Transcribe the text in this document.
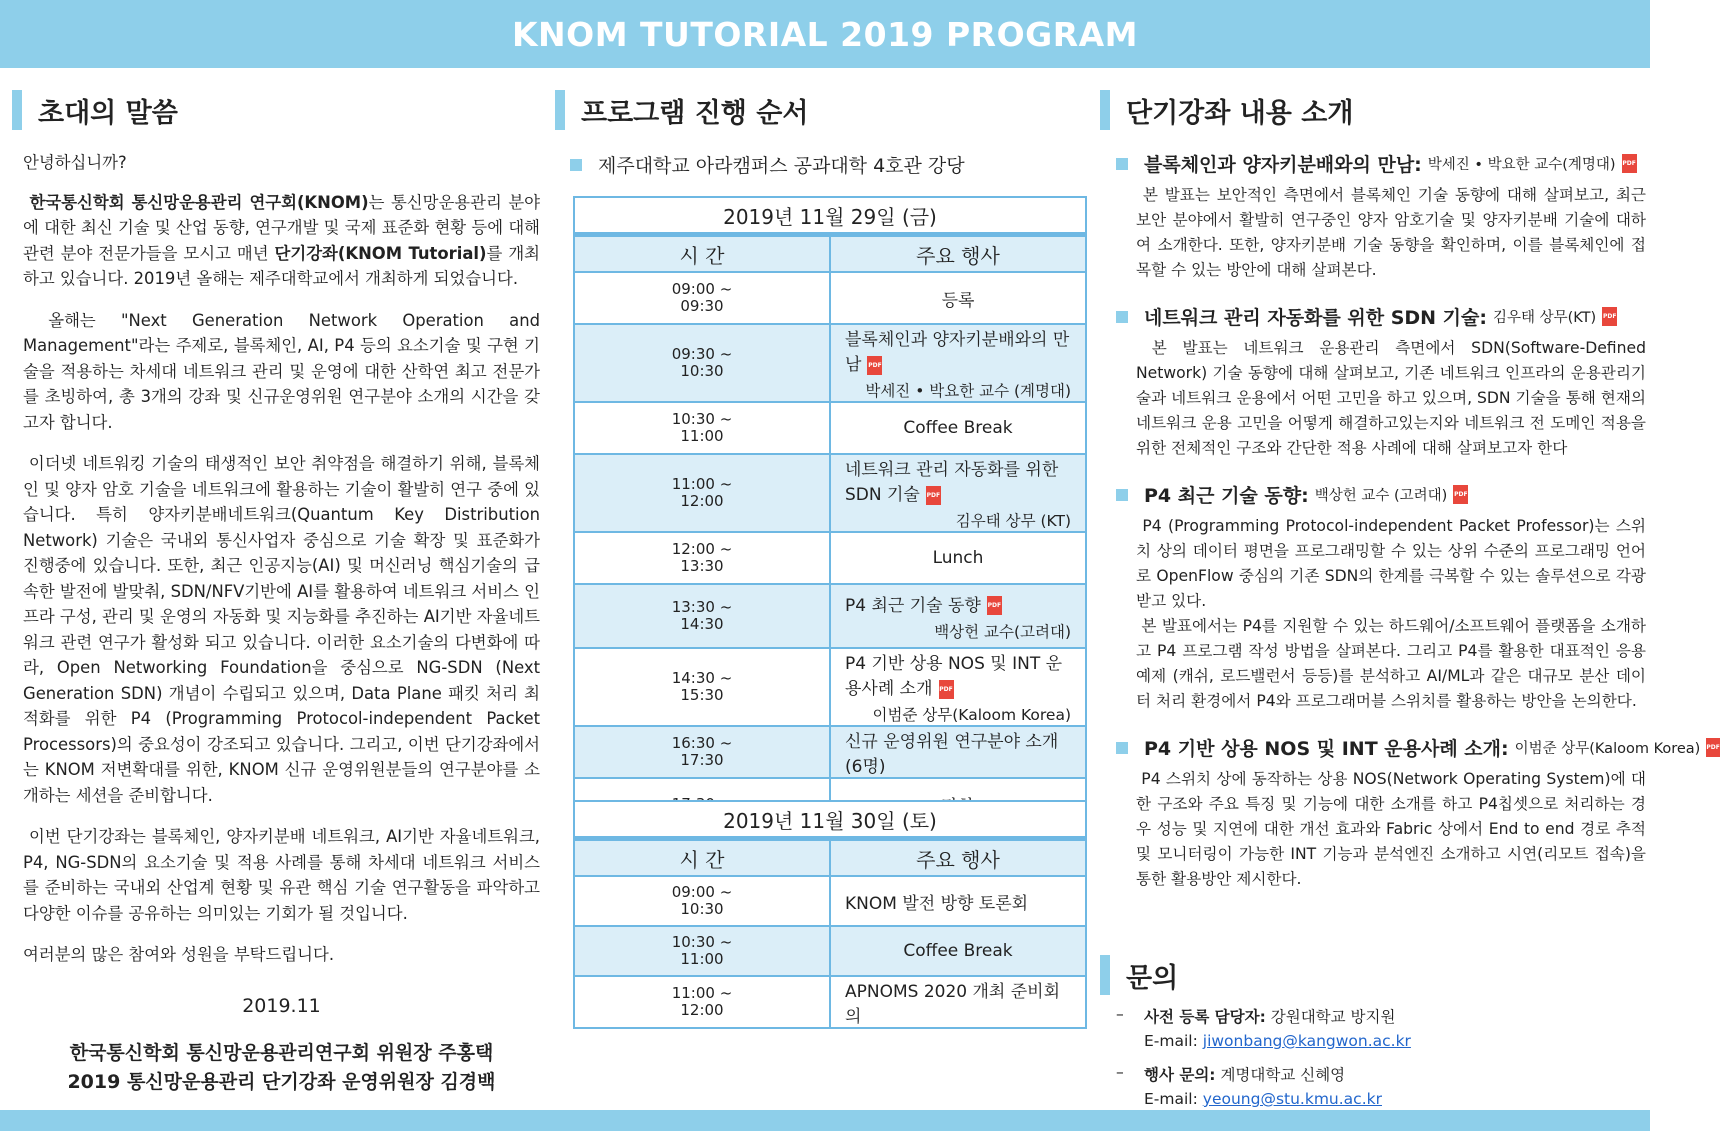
KNOM TUTORIAL 2019 PROGRAM
초대의 말씀

안녕하십니까?

한국통신학회 통신망운용관리 연구회(KNOM)는 통신망운용관리 분야에 대한 최신 기술 및 산업 동향, 연구개발 및 국제 표준화 현황 등에 대해 관련 분야 전문가들을 모시고 매년 단기강좌(KNOM Tutorial)를 개최하고 있습니다. 2019년 올해는 제주대학교에서 개최하게 되었습니다.

올해는 "Next Generation Network Operation and Management"라는 주제로, 블록체인, AI, P4 등의 요소기술 및 구현 기술을 적용하는 차세대 네트워크 관리 및 운영에 대한 산학연 최고 전문가를 초빙하여, 총 3개의 강좌 및 신규운영위원 연구분야 소개의 시간을 갖고자 합니다.

이더넷 네트워킹 기술의 태생적인 보안 취약점을 해결하기 위해, 블록체인 및 양자 암호 기술을 네트워크에 활용하는 기술이 활발히 연구 중에 있습니다. 특히 양자키분배네트워크(Quantum Key Distribution Network) 기술은 국내외 통신사업자 중심으로 기술 확장 및 표준화가 진행중에 있습니다. 또한, 최근 인공지능(AI) 및 머신러닝 핵심기술의 급속한 발전에 발맞춰, SDN/NFV기반에 AI를 활용하여 네트워크 서비스 인프라 구성, 관리 및 운영의 자동화 및 지능화를 추진하는 AI기반 자율네트워크 관련 연구가 활성화 되고 있습니다. 이러한 요소기술의 다변화에 따라, Open Networking Foundation을 중심으로 NG-SDN (Next Generation SDN) 개념이 수립되고 있으며, Data Plane 패킷 처리 최적화를 위한 P4 (Programming Protocol-independent Packet Processors)의 중요성이 강조되고 있습니다. 그리고, 이번 단기강좌에서는 KNOM 저변확대를 위한, KNOM 신규 운영위원분들의 연구분야를 소개하는 세션을 준비합니다.

이번 단기강좌는 블록체인, 양자키분배 네트워크, AI기반 자율네트워크, P4, NG-SDN의 요소기술 및 적용 사례를 통해 차세대 네트워크 서비스를 준비하는 국내외 산업계 현황 및 유관 핵심 기술 연구활동을 파악하고 다양한 이슈를 공유하는 의미있는 기회가 될 것입니다.

여러분의 많은 참여와 성원을 부탁드립니다.

2019.11
한국통신학회 통신망운용관리연구회 위원장 주홍택
2019 통신망운용관리 단기강좌 운영위원장 김경백
프로그램 진행 순서
제주대학교 아라캠퍼스 공과대학 4호관 강당
2019년 11월 29일 (금)	
시 간	주요 행사
09:00 ~
09:30	등록
09:30 ~
10:30	블록체인과 양자키분배와의 만남 PDF
박세진 • 박요한 교수 (계명대)

10:30 ~
11:00	Coffee Break
11:00 ~
12:00	네트워크 관리 자동화를 위한 SDN 기술 PDF
김우태 상무 (KT)

12:00 ~
13:30	Lunch
13:30 ~
14:30	P4 최근 기술 동향 PDF
백상헌 교수(고려대)

14:30 ~
15:30	P4 기반 상용 NOS 및 INT 운용사례 소개 PDF
이범준 상무(Kaloom Korea)

16:30 ~
17:30	신규 운영위원 연구분야 소개 (6명)

2019년 11월 30일 (토)	
시 간	주요 행사
09:00 ~
10:30	KNOM 발전 방향 토론회
10:30 ~
11:00	Coffee Break
11:00 ~
12:00	APNOMS 2020 개최 준비회의
단기강좌 내용 소개
블록체인과 양자키분배와의 만남: 박세진 • 박요한 교수(계명대) PDF
본 발표는 보안적인 측면에서 블록체인 기술 동향에 대해 살펴보고, 최근 보안 분야에서 활발히 연구중인 양자 암호기술 및 양자키분배 기술에 대하여 소개한다. 또한, 양자키분배 기술 동향을 확인하며, 이를 블록체인에 접목할 수 있는 방안에 대해 살펴본다.
네트워크 관리 자동화를 위한 SDN 기술: 김우태 상무(KT) PDF
본 발표는 네트워크 운용관리 측면에서 SDN(Software-Defined Network) 기술 동향에 대해 살펴보고, 기존 네트워크 인프라의 운용관리기술과 네트워크 운용에서 어떤 고민을 하고 있으며, SDN 기술을 통해 현재의 네트워크 운용 고민을 어떻게 해결하고있는지와 네트워크 전 도메인 적용을 위한 전체적인 구조와 간단한 적용 사례에 대해 살펴보고자 한다
P4 최근 기술 동향: 백상헌 교수 (고려대) PDF
P4 (Programming Protocol-independent Packet Professor)는 스위치 상의 데이터 평면을 프로그래밍할 수 있는 상위 수준의 프로그래밍 언어로 OpenFlow 중심의 기존 SDN의 한계를 극복할 수 있는 솔루션으로 각광받고 있다.
본 발표에서는 P4를 지원할 수 있는 하드웨어/소프트웨어 플랫폼을 소개하고 P4 프로그램 작성 방법을 살펴본다. 그리고 P4를 활용한 대표적인 응용 예제 (캐쉬, 로드밸런서 등등)를 분석하고 AI/ML과 같은 대규모 분산 데이터 처리 환경에서 P4와 프로그래머블 스위치를 활용하는 방안을 논의한다.
P4 기반 상용 NOS 및 INT 운용사례 소개: 이범준 상무(Kaloom Korea) PDF
P4 스위치 상에 동작하는 상용 NOS(Network Operating System)에 대한 구조와 주요 특징 및 기능에 대한 소개를 하고 P4칩셋으로 처리하는 경우 성능 및 지연에 대한 개선 효과와 Fabric 상에서 End to end 경로 추적 및 모니터링이 가능한 INT 기능과 분석엔진 소개하고 시연(리모트 접속)을 통한 활용방안 제시한다.
문의
–	사전 등록 담당자: 강원대학교 방지원
E-mail: jiwonbang@kangwon.ac.kr
–	행사 문의: 계명대학교 신혜영
E-mail: yeoung@stu.kmu.ac.kr
